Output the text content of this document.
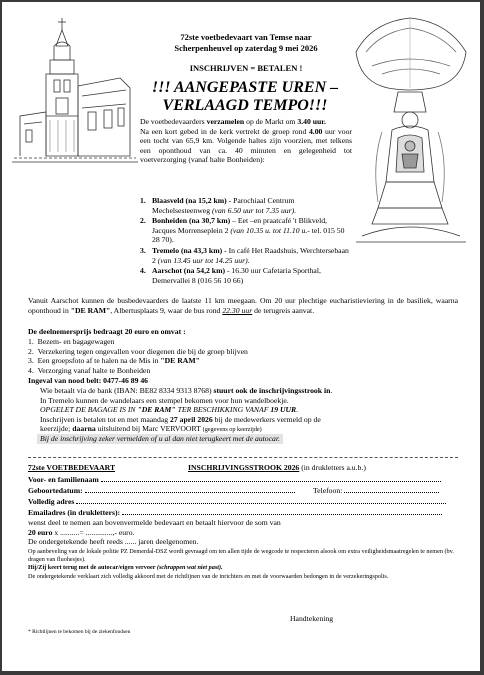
72ste voetbedevaart van Temse naar
Scherpenheuvel op zaterdag 9 mei 2026
INSCHRIJVEN = BETALEN !
!!! AANGEPASTE UREN –
VERLAAGD TEMPO!!!
De voetbedevaarders verzamelen op de Markt om 3.40 uur.
Na een kort gebed in de kerk vertrekt de groep rond 4.00 uur voor een tocht van 65,9 km. Volgende haltes zijn voorzien, met telkens een oponthoud van ca. 40 minuten en gelegenheid tot voetverzorging (vanaf halte Bonheiden):
1. Blaasveld (na 15,2 km) - Parochiaal Centrum Mechelsesteenweg (van 6.50 uur tot 7.35 uur).
2. Bonheiden (na 30,7 km) – Eet –en praatcafé 't Blikveld, Jacques Morrenseplein 2 (van 10.35 u. tot 11.10 u.- tel. 015 50 28 70).
3. Tremelo (na 43,3 km) - In café Het Raadshuis, Werchtersebaan 2 (van 13.45 uur tot 14.25 uur).
4. Aarschot (na 54,2 km) - 16.30 uur Cafetaria Sporthal, Demervallei 8 (016 56 10 66)
Vanuit Aarschot kunnen de busbedevaarders de laatste 11 km meegaan. Om 20 uur plechtige eucharistieviering in de basiliek, waarna oponthoud in "DE RAM", Albertusplaats 9, waar de bus rond 22.30 uur de terugreis aanvat.
De deelnemersprijs bedraagt 20 euro en omvat :
1. Bezem- en bagagewagen
2. Verzekering tegen ongevallen voor diegenen die bij de groep blijven
3. Een groepsfoto af te halen na de Mis in "DE RAM"
4. Verzorging vanaf halte te Bonheiden
Ingeval van nood belt: 0477-46 89 46
Wie betaalt via de bank (IBAN: BE82 8334 9313 8768) stuurt ook de inschrijvingsstrook in.
In Tremelo kunnen de wandelaars een stempel bekomen voor hun wandelboekje.
OPGELET DE BAGAGE IS IN "DE RAM" TER BESCHIKKING VANAF 19 UUR.
Inschrijven is betalen tot en met maandag 27 april 2026 bij de medewerkers vermeld op de
keerzijde; daarna uitsluitend bij Marc VERVOORT (gegevens op keerzijde)
Bij de inschrijving zeker vermelden of u al dan niet terugkeert met de autocar.
72ste VOETBEDEVAART	INSCHRIJVINGSSTROOK 2026 (in drukletters a.u.b.)
Voor- en familienaam
Geboortedatum:	Telefoon:
Volledig adres
Emailadres (in drukletters):
wenst deel te nemen aan bovenvermelde bedevaart en betaalt hiervoor de som van
20 euro x ..........= ..............,- euro.
De ondergetekende heeft reeds ...... jaren deelgenomen.
Op aanbeveling van de lokale politie PZ Demerdal-DSZ wordt gevraagd om ten allen tijde de wegcode te respecteren alsook om extra veiligheidsmaatregelen te nemen (bv. dragen van fluohesjes).
Hij/Zij keert terug met de autocar/eigen vervoer (schrappen wat niet past).
De ondergetekende verklaart zich volledig akkoord met de richtlijnen van de inrichters en met de voorwaarden bedongen in de verzekeringspolis.
Handtekening
* Richtlijnen te bekomen bij de ziekenfondsen
